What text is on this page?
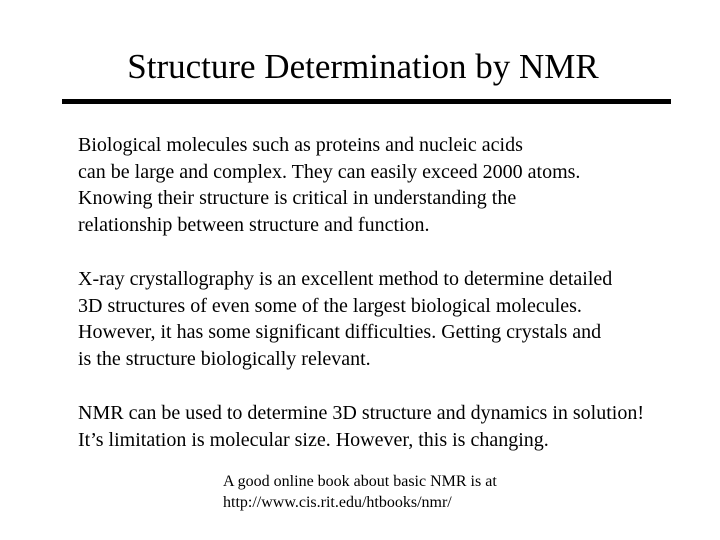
Structure Determination by NMR

Biological molecules such as proteins and nucleic acids
can be large and complex. They can easily exceed 2000 atoms.
Knowing their structure is critical in understanding the
relationship between structure and function.

X-ray crystallography is an excellent method to determine detailed
3D structures of even some of the largest biological molecules.
However, it has some significant difficulties. Getting crystals and
is the structure biologically relevant.

NMR can be used to determine 3D structure and dynamics in solution!
It’s limitation is molecular size. However, this is changing.

A good online book about basic NMR is at
http://www.cis.rit.edu/htbooks/nmr/
